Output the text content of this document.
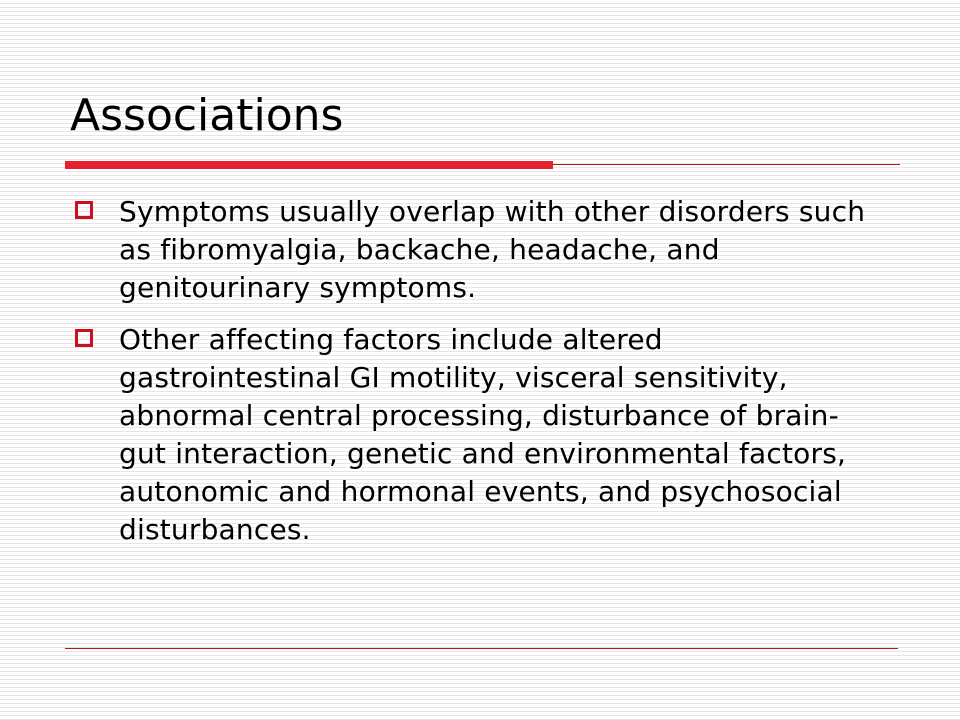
Associations
Symptoms usually overlap with other disorders such as fibromyalgia, backache, headache, and genitourinary symptoms.
Other affecting factors include altered gastrointestinal GI motility, visceral sensitivity, abnormal central processing, disturbance of brain-gut interaction, genetic and environmental factors, autonomic and hormonal events, and psychosocial disturbances.
